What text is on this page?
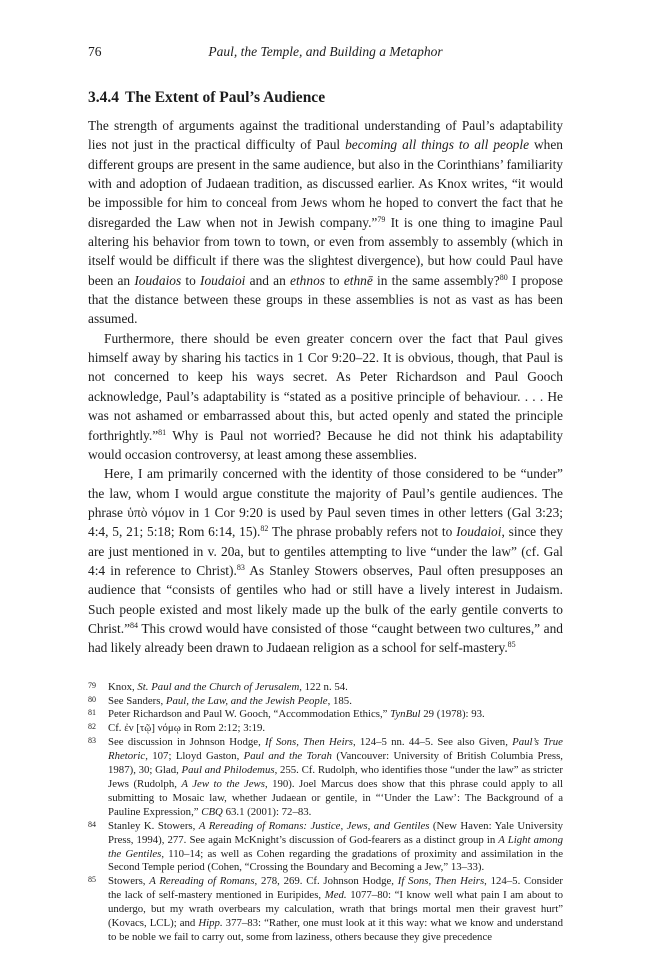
76	Paul, the Temple, and Building a Metaphor
3.4.4 The Extent of Paul’s Audience

The strength of arguments against the traditional understanding of Paul’s adaptability lies not just in the practical difficulty of Paul becoming all things to all people when different groups are present in the same audience, but also in the Corinthians’ familiarity with and adoption of Judaean tradition, as discussed earlier. As Knox writes, “it would be impossible for him to conceal from Jews whom he hoped to convert the fact that he disregarded the Law when not in Jewish company.”$^{79}$ It is one thing to imagine Paul altering his behavior from town to town, or even from assembly to assembly (which in itself would be difficult if there was the slightest divergence), but how could Paul have been an Ioudaios to Ioudaioi and an ethnos to ethnē in the same assembly?$^{80}$ I propose that the distance between these groups in these assemblies is not as vast as has been assumed.

Furthermore, there should be even greater concern over the fact that Paul gives himself away by sharing his tactics in 1 Cor 9:20–22. It is obvious, though, that Paul is not concerned to keep his ways secret. As Peter Richardson and Paul Gooch acknowledge, Paul’s adaptability is “stated as a positive principle of behaviour. . . . He was not ashamed or embarrassed about this, but acted openly and stated the principle forthrightly.”$^{81}$ Why is Paul not worried? Because he did not think his adaptability would occasion controversy, at least among these assemblies.

Here, I am primarily concerned with the identity of those considered to be “under” the law, whom I would argue constitute the majority of Paul’s gentile audiences. The phrase ὑπὸ νόμον in 1 Cor 9:20 is used by Paul seven times in other letters (Gal 3:23; 4:4, 5, 21; 5:18; Rom 6:14, 15).$^{82}$ The phrase probably refers not to Ioudaioi, since they are just mentioned in v. 20a, but to gentiles attempting to live “under the law” (cf. Gal 4:4 in reference to Christ).$^{83}$ As Stanley Stowers observes, Paul often presupposes an audience that “consists of gentiles who had or still have a lively interest in Judaism. Such people existed and most likely made up the bulk of the early gentile converts to Christ.”$^{84}$ This crowd would have consisted of those “caught between two cultures,” and had likely already been drawn to Judaean religion as a school for self-mastery.$^{85}$

79	Knox, St. Paul and the Church of Jerusalem, 122 n. 54.
80	See Sanders, Paul, the Law, and the Jewish People, 185.
81	Peter Richardson and Paul W. Gooch, “Accommodation Ethics,” TynBul 29 (1978): 93.
82	Cf. ἐν [τῷ] νόμῳ in Rom 2:12; 3:19.
83	See discussion in Johnson Hodge, If Sons, Then Heirs, 124–5 nn. 44–5. See also Given, Paul’s True Rhetoric, 107; Lloyd Gaston, Paul and the Torah (Vancouver: University of British Columbia Press, 1987), 30; Glad, Paul and Philodemus, 255. Cf. Rudolph, who identifies those “under the law” as stricter Jews (Rudolph, A Jew to the Jews, 190). Joel Marcus does show that this phrase could apply to all submitting to Mosaic law, whether Judaean or gentile, in “‘Under the Law’: The Background of a Pauline Expression,” CBQ 63.1 (2001): 72–83.
84	Stanley K. Stowers, A Rereading of Romans: Justice, Jews, and Gentiles (New Haven: Yale University Press, 1994), 277. See again McKnight’s discussion of God-fearers as a distinct group in A Light among the Gentiles, 110–14; as well as Cohen regarding the gradations of proximity and assimilation in the Second Temple period (Cohen, “Crossing the Boundary and Becoming a Jew,” 13–33).
85	Stowers, A Rereading of Romans, 278, 269. Cf. Johnson Hodge, If Sons, Then Heirs, 124–5. Consider the lack of self-mastery mentioned in Euripides, Med. 1077–80: “I know well what pain I am about to undergo, but my wrath overbears my calculation, wrath that brings mortal men their gravest hurt” (Kovacs, LCL); and Hipp. 377–83: “Rather, one must look at it this way: what we know and understand to be noble we fail to carry out, some from laziness, others because they give precedence
